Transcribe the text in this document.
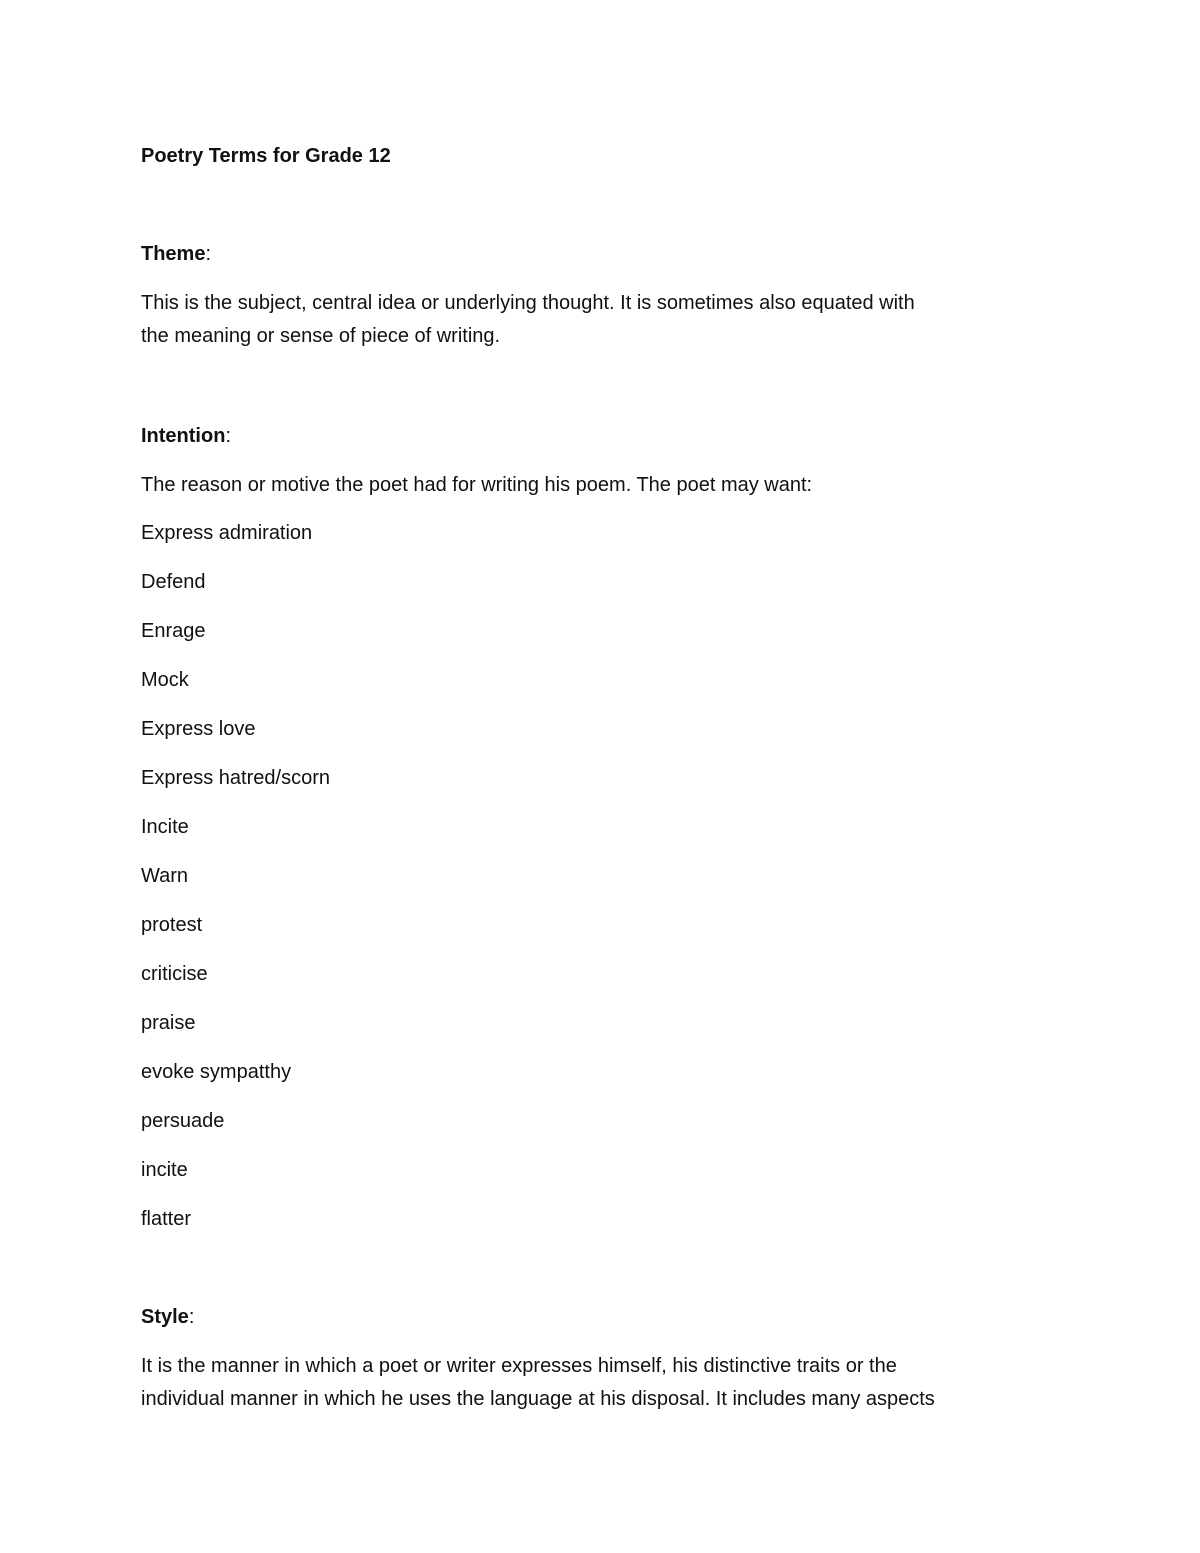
Poetry Terms for Grade 12

Theme:

This is the subject, central idea or underlying thought. It is sometimes also equated with

the meaning or sense of piece of writing.

Intention:

The reason or motive the poet had for writing his poem. The poet may want:

Express admiration

Defend

Enrage

Mock

Express love

Express hatred/scorn

Incite

Warn

protest

criticise

praise

evoke sympatthy

persuade

incite

flatter

Style:

It is the manner in which a poet or writer expresses himself, his distinctive traits or the

individual manner in which he uses the language at his disposal. It includes many aspects
